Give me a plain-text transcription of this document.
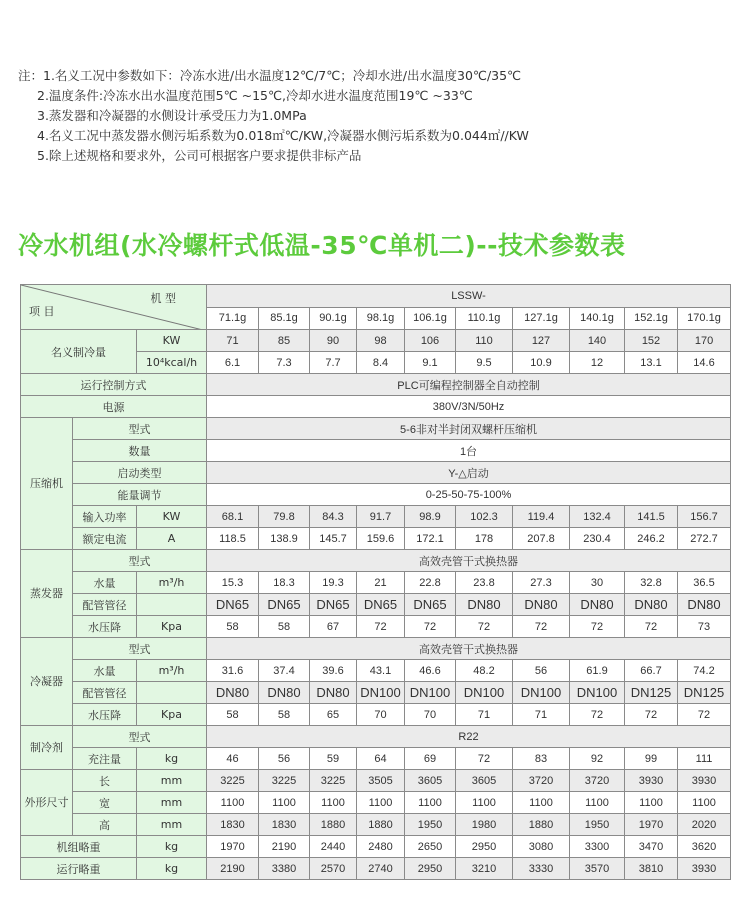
注：1.名义工况中参数如下：冷冻水进/出水温度12℃/7℃；冷却水进/出水温度30℃/35℃
2.温度条件:冷冻水出水温度范围5℃ ~15℃,冷却水进水温度范围19℃ ~33℃
3.蒸发器和冷凝器的水侧设计承受压力为1.0MPa
4.名义工况中蒸发器水侧污垢系数为0.018㎡℃/KW,冷凝器水侧污垢系数为0.044㎡//KW
5.除上述规格和要求外，公司可根据客户要求提供非标产品
冷水机组(水冷螺杆式低温-35℃单机二)--技术参数表
机 型
项 目			LSSW-									
			71.1g	85.1g	90.1g	98.1g	106.1g	110.1g	127.1g	140.1g	152.1g	170.1g
名义制冷量		KW	71	85	90	98	106	110	127	140	152	170
		10⁴kcal/h	6.1	7.3	7.7	8.4	9.1	9.5	10.9	12	13.1	14.6
运行控制方式			PLC可编程控制器全自动控制									
电源			380V/3N/50Hz									
压缩机	型式		5-6非对半封闭双螺杆压缩机									
	数量		1台									
	启动类型		Y-△启动									
	能量调节		0-25-50-75-100%									
	输入功率	KW	68.1	79.8	84.3	91.7	98.9	102.3	119.4	132.4	141.5	156.7
	额定电流	A	118.5	138.9	145.7	159.6	172.1	178	207.8	230.4	246.2	272.7
蒸发器	型式		高效壳管干式换热器									
	水量	m³/h	15.3	18.3	19.3	21	22.8	23.8	27.3	30	32.8	36.5
	配管管径		DN65	DN65	DN65	DN65	DN65	DN80	DN80	DN80	DN80	DN80
	水压降	Kpa	58	58	67	72	72	72	72	72	72	73
冷凝器	型式		高效壳管干式换热器									
	水量	m³/h	31.6	37.4	39.6	43.1	46.6	48.2	56	61.9	66.7	74.2
	配管管径		DN80	DN80	DN80	DN100	DN100	DN100	DN100	DN100	DN125	DN125
	水压降	Kpa	58	58	65	70	70	71	71	72	72	72
制冷剂	型式		R22									
	充注量	kg	46	56	59	64	69	72	83	92	99	111
外形尺寸	长	mm	3225	3225	3225	3505	3605	3605	3720	3720	3930	3930
	宽	mm	1100	1100	1100	1100	1100	1100	1100	1100	1100	1100
	高	mm	1830	1830	1880	1880	1950	1980	1880	1950	1970	2020
机组略重		kg	1970	2190	2440	2480	2650	2950	3080	3300	3470	3620
运行略重		kg	2190	3380	2570	2740	2950	3210	3330	3570	3810	3930
